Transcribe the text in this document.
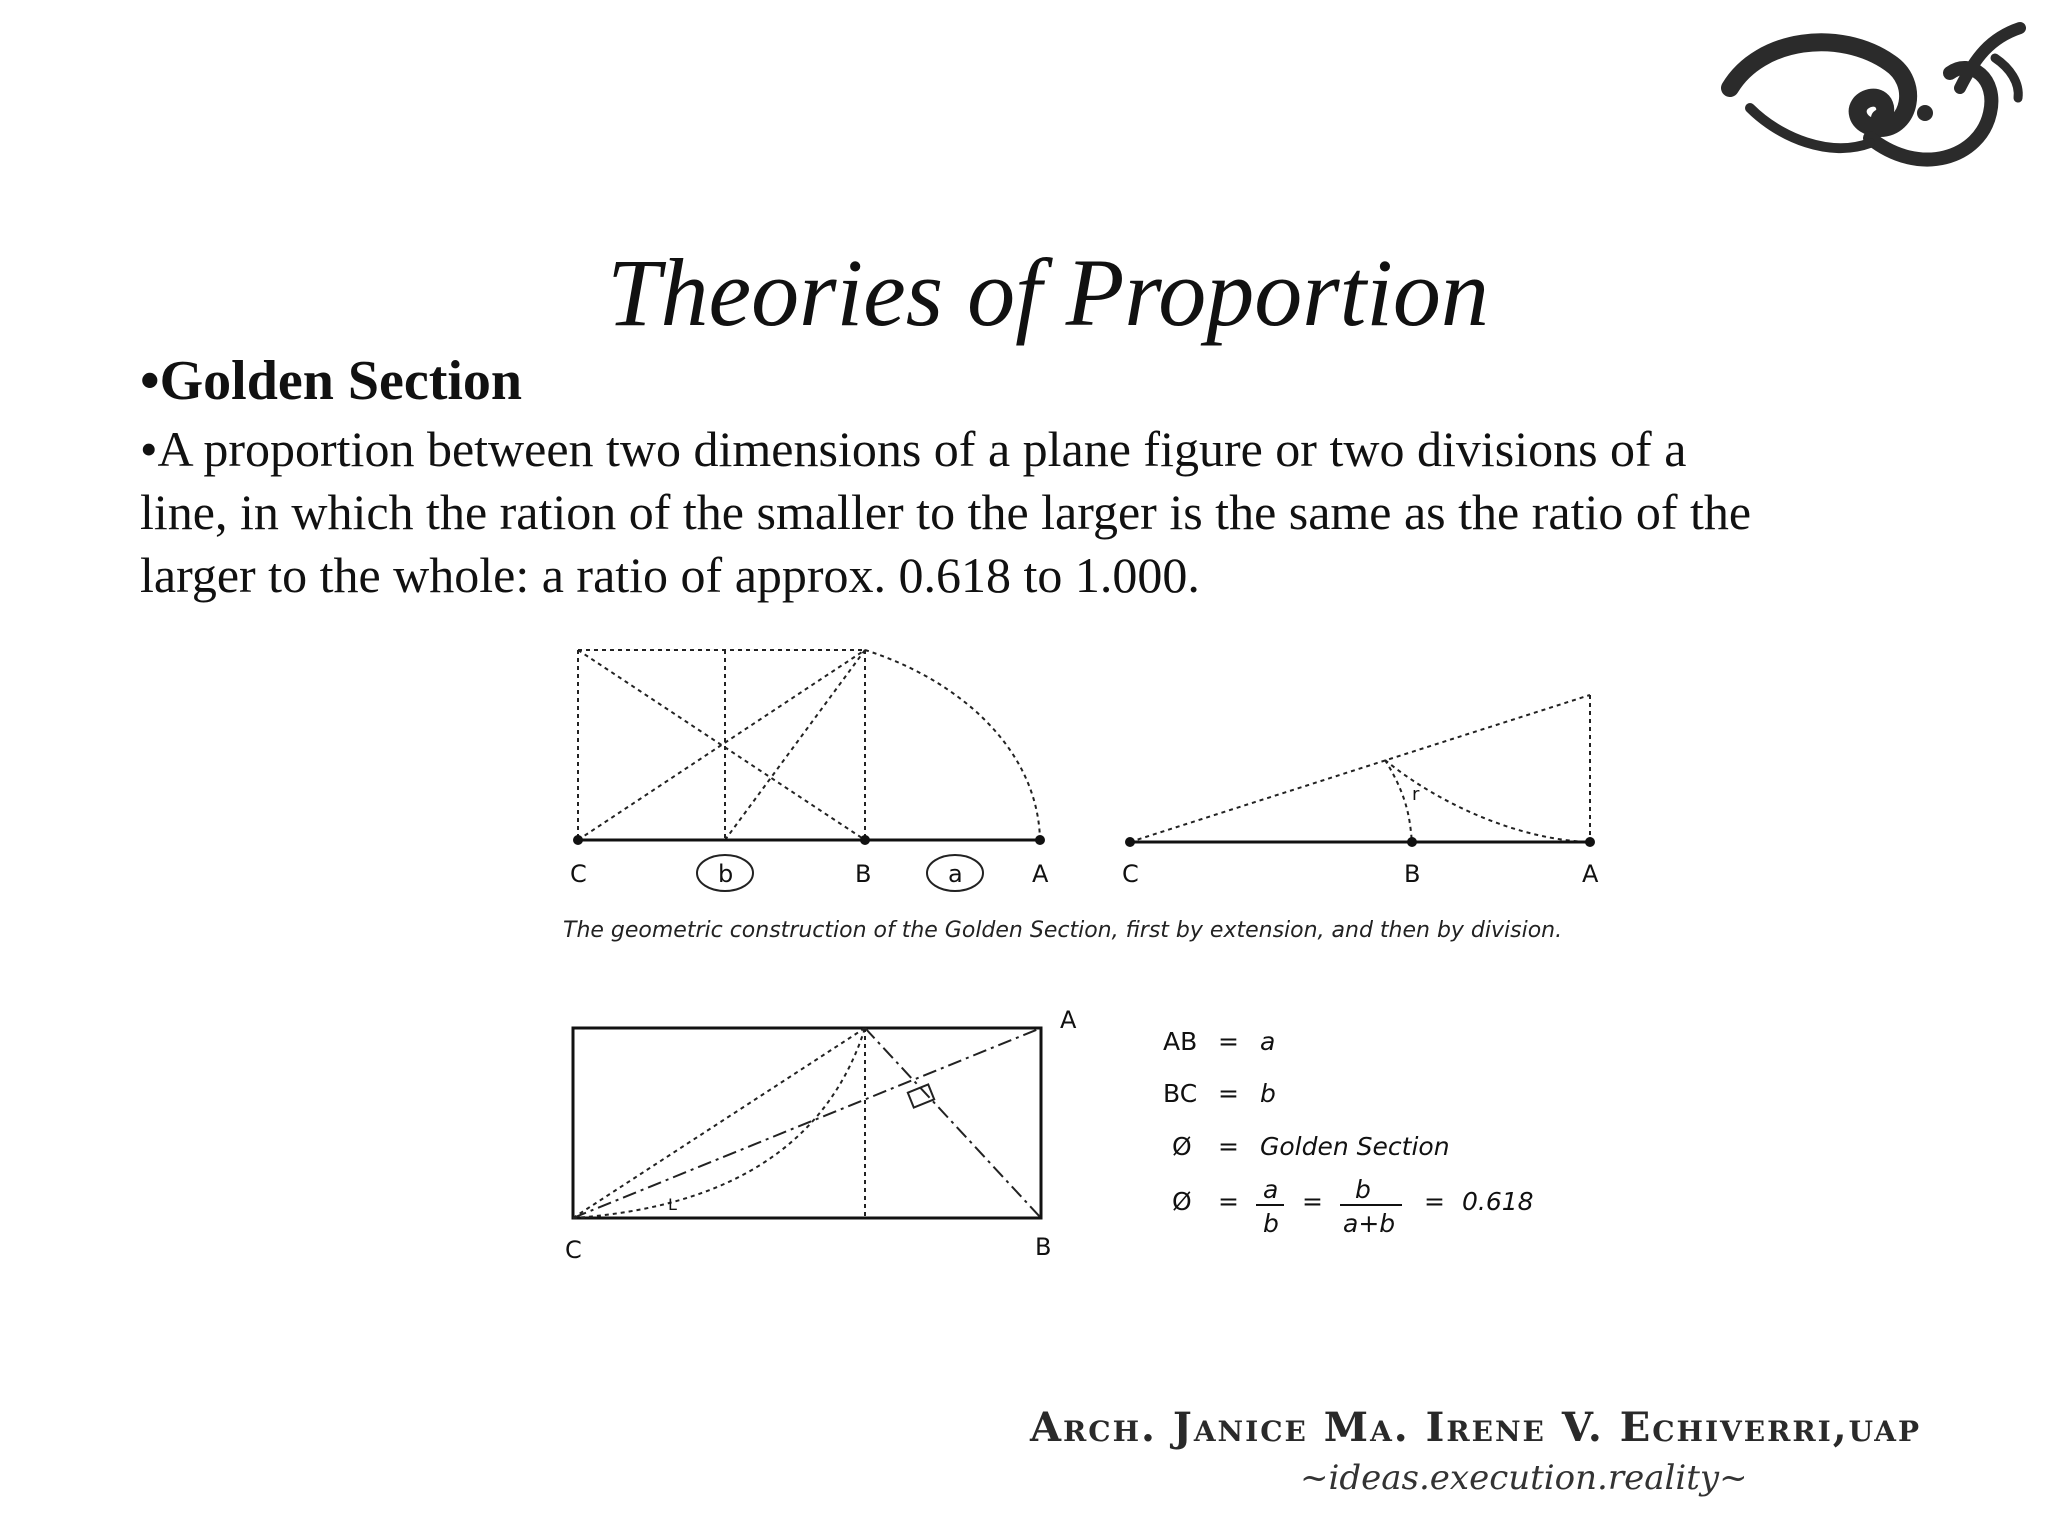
Theories of Proportion
•Golden Section
•A proportion between two dimensions of a plane figure or two divisions of a
line, in which the ration of the smaller to the larger is the same as the ratio of the
larger to the whole: a ratio of approx. 0.618 to 1.000.
C	b	B	a	A	C	B	A
r
The geometric construction of the Golden Section, first by extension, and then by division.
A
C	B
L
AB = a
BC = b
Ø = Golden Section
Ø = a
b
= b
a+b
= 0.618
Arch. Janice Ma. Irene V. Echiverri,uap
~ideas.execution.reality~
